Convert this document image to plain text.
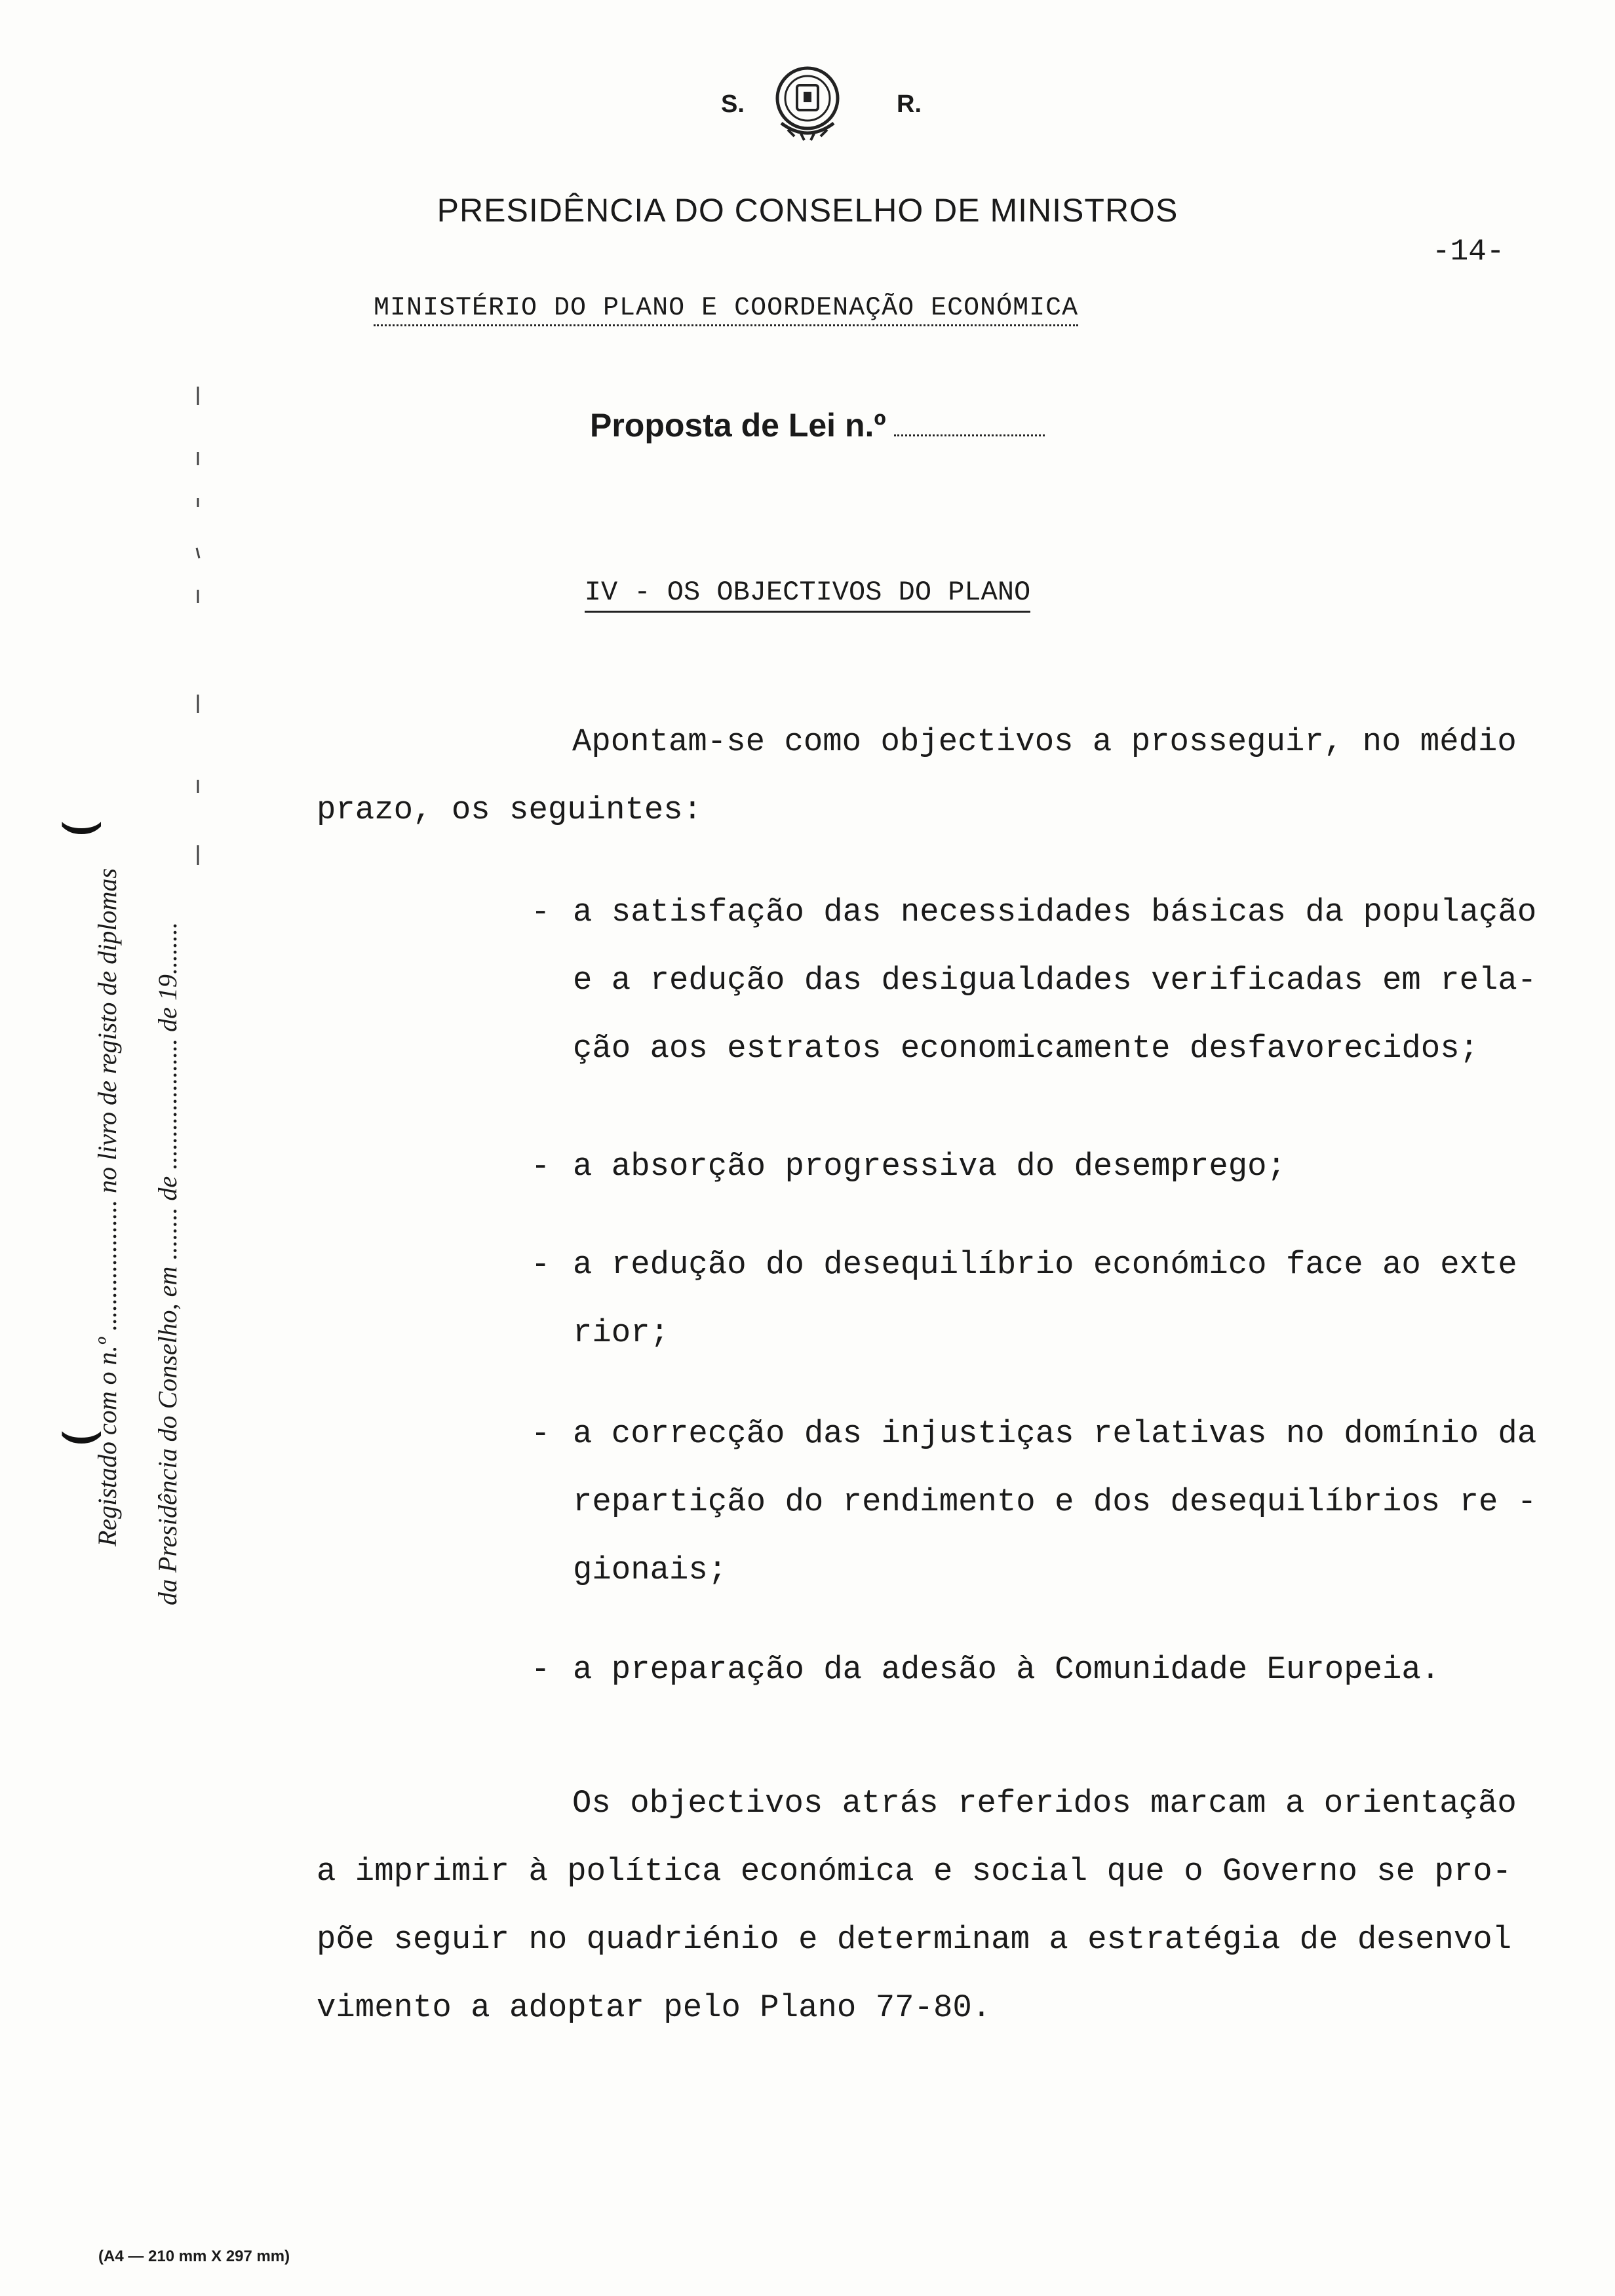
S.	R.
PRESIDÊNCIA DO CONSELHO DE MINISTROS
-14-
MINISTÉRIO DO PLANO E COORDENAÇÃO ECONÓMICA
Proposta de Lei n.º
IV - OS OBJECTIVOS DO PLANO
Apontam-se como objectivos a prosseguir, no médio
prazo, os seguintes:
- a satisfação das necessidades básicas da população
e a redução das desigualdades verificadas em rela-
ção aos estratos economicamente desfavorecidos;
- a absorção progressiva do desemprego;
- a redução do desequilíbrio económico face ao exte
rior;
- a correcção das injustiças relativas no domínio da
repartição do rendimento e dos desequilíbrios re -
gionais;
- a preparação da adesão à Comunidade Europeia.
Os objectivos atrás referidos marcam a orientação
a imprimir à política económica e social que o Governo se pro-
põe seguir no quadriénio e determinam a estratégia de desenvol
vimento a adoptar pelo Plano 77-80.
⌣
⌣
Registado com o n.º .................... no livro de registo de diplomas da Presidência do Conselho, em ........ de .................... de 19........
(A4 — 210 mm X 297 mm)
